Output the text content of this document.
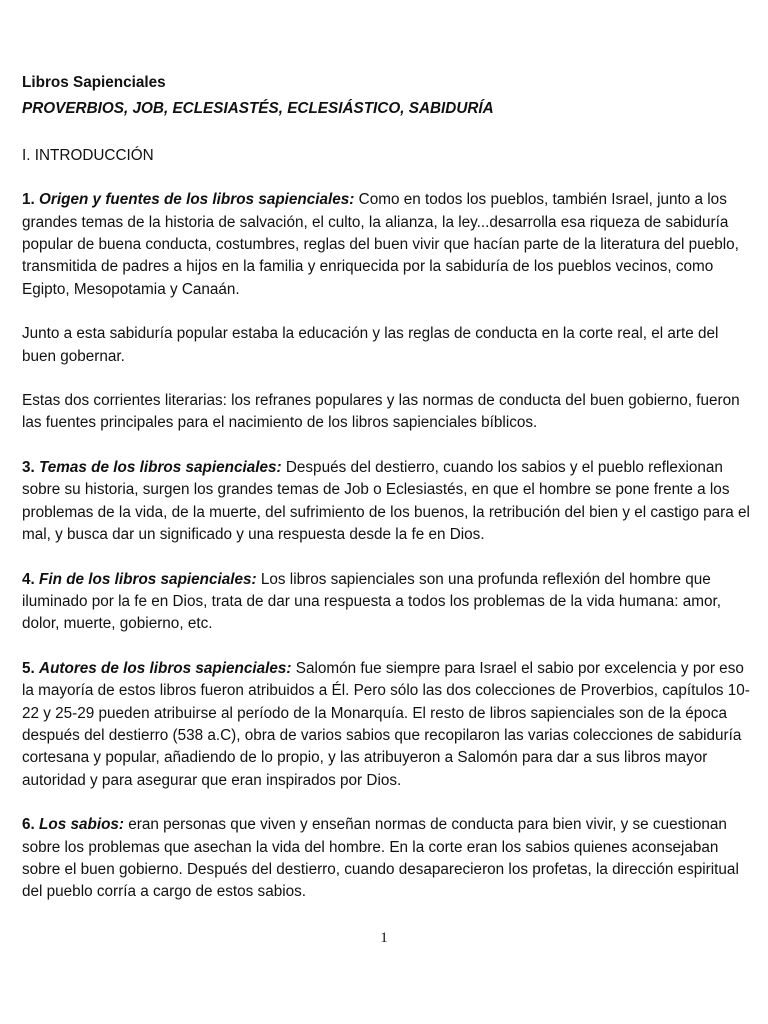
Libros Sapienciales

PROVERBIOS, JOB, ECLESIASTÉS, ECLESIÁSTICO, SABIDURÍA

I. INTRODUCCIÓN

1. Origen y fuentes de los libros sapienciales: Como en todos los pueblos, también Israel, junto a los grandes temas de la historia de salvación, el culto, la alianza, la ley...desarrolla esa riqueza de sabiduría popular de buena conducta, costumbres, reglas del buen vivir que hacían parte de la literatura del pueblo, transmitida de padres a hijos en la familia y enriquecida por la sabiduría de los pueblos vecinos, como Egipto, Mesopotamia y Canaán.

Junto a esta sabiduría popular estaba la educación y las reglas de conducta en la corte real, el arte del buen gobernar.

Estas dos corrientes literarias: los refranes populares y las normas de conducta del buen gobierno, fueron las fuentes principales para el nacimiento de los libros sapienciales bíblicos.

3. Temas de los libros sapienciales: Después del destierro, cuando los sabios y el pueblo reflexionan sobre su historia, surgen los grandes temas de Job o Eclesiastés, en que el hombre se pone frente a los problemas de la vida, de la muerte, del sufrimiento de los buenos, la retribución del bien y el castigo para el mal, y busca dar un significado y una respuesta desde la fe en Dios.

4. Fin de los libros sapienciales: Los libros sapienciales son una profunda reflexión del hombre que iluminado por la fe en Dios, trata de dar una respuesta a todos los problemas de la vida humana: amor, dolor, muerte, gobierno, etc.

5. Autores de los libros sapienciales: Salomón fue siempre para Israel el sabio por excelencia y por eso la mayoría de estos libros fueron atribuidos a Él. Pero sólo las dos colecciones de Proverbios, capítulos 10-22 y 25-29 pueden atribuirse al período de la Monarquía. El resto de libros sapienciales son de la época después del destierro (538 a.C), obra de varios sabios que recopilaron las varias colecciones de sabiduría cortesana y popular, añadiendo de lo propio, y las atribuyeron a Salomón para dar a sus libros mayor autoridad y para asegurar que eran inspirados por Dios.

6. Los sabios: eran personas que viven y enseñan normas de conducta para bien vivir, y se cuestionan sobre los problemas que asechan la vida del hombre. En la corte eran los sabios quienes aconsejaban sobre el buen gobierno. Después del destierro, cuando desaparecieron los profetas, la dirección espiritual del pueblo corría a cargo de estos sabios.

1
